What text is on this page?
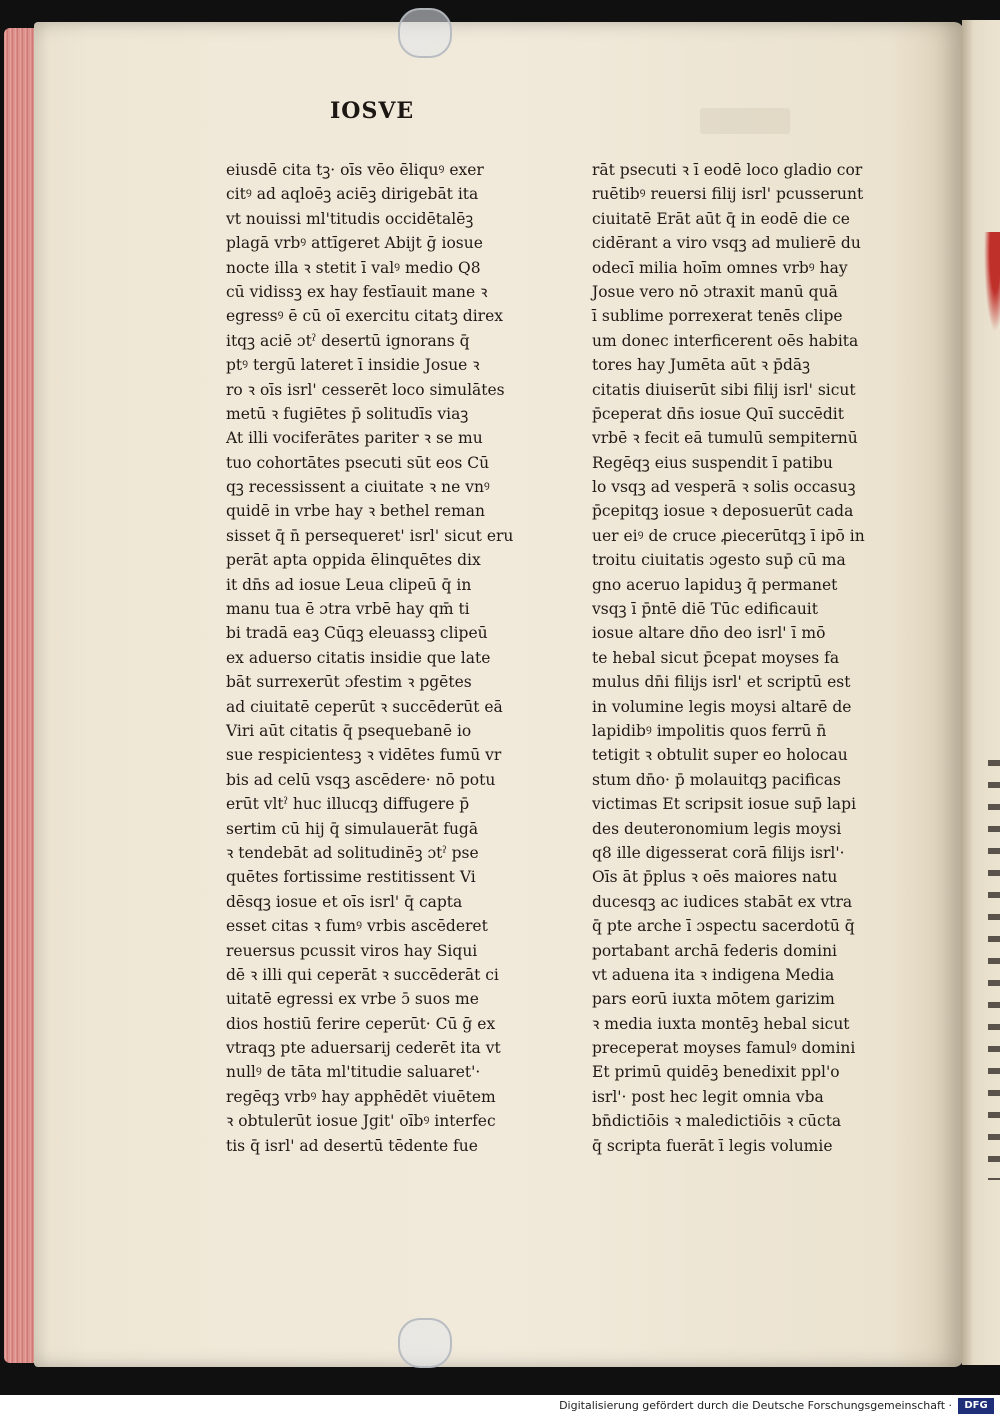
IOSVE
eiusdē cita tꝫ· oīs vēo ēliquꝰ exer
citꝰ ad aqloēꝫ aciēꝫ dirigebāt ita
vt nouissi ml'titudis occidētalēꝫ
plagā vrbꝰ attīgeret Abijt ḡ iosue
nocte illa ꝛ stetit ī valꝰ medio Q8
cū vidissꝫ ex hay festīauit mane ꝛ
egressꝰ ē cū oī exercitu citatꝫ direx
itqꝫ aciē ɔtˀ desertū ignorans q̄
ptꝰ tergū lateret ī insidie Josue ꝛ
ro ꝛ oīs isrl' cesserēt loco simulātes
metū ꝛ fugiētes p̄ solitudīs viaꝫ
At illi vociferātes pariter ꝛ se mu
tuo cohortātes psecuti sūt eos Cū
qꝫ recessissent a ciuitate ꝛ ne vnꝰ
quidē in vrbe hay ꝛ bethel reman
sisset q̄ n̄ persequeret' isrl' sicut eru
perāt apta oppida ēlinquētes dix
it dn̄s ad iosue Leua clipeū q̄ in
manu tua ē ɔtra vrbē hay qm̄ ti
bi tradā eaꝫ Cūqꝫ eleuassꝫ clipeū
ex aduerso citatis insidie que late
bāt surrexerūt ɔfestim ꝛ pgētes
ad ciuitatē ceperūt ꝛ succēderūt eā
Viri aūt citatis q̄ psequebanē io
sue respicientesꝫ ꝛ vidētes fumū vr
bis ad celū vsqꝫ ascēdere· nō potu
erūt vltˀ huc illucqꝫ diffugere p̄
sertim cū hij q̄ simulauerāt fugā
ꝛ tendebāt ad solitudinēꝫ ɔtˀ pse
quētes fortissime restitissent Vi
dēsqꝫ iosue et oīs isrl' q̄ capta
esset citas ꝛ fumꝰ vrbis ascēderet
reuersus pcussit viros hay Siqui
dē ꝛ illi qui ceperāt ꝛ succēderāt ci
uitatē egressi ex vrbe ɔ̄ suos me
dios hostiū ferire ceperūt· Cū ḡ ex
vtraqꝫ pte aduersarij cederēt ita vt
nullꝰ de tāta ml'titudie saluaret'·
regēqꝫ vrbꝰ hay apphēdēt viuētem
ꝛ obtulerūt iosue Jgit' oībꝰ interfec
tis q̄ isrl' ad desertū tēdente fue
rāt psecuti ꝛ ī eodē loco gladio cor
ruētibꝰ reuersi filij isrl' pcusserunt
ciuitatē Erāt aūt q̄ in eodē die ce
cidērant a viro vsqꝫ ad mulierē du
odecī milia hoīm omnes vrbꝰ hay
Josue vero nō ɔtraxit manū quā
ī sublime porrexerat tenēs clipe
um donec interficerent oēs habita
tores hay Jumēta aūt ꝛ p̄dāꝫ
citatis diuiserūt sibi filij isrl' sicut
p̄ceperat dn̄s iosue Quī succēdit
vrbē ꝛ fecit eā tumulū sempiternū
Regēqꝫ eius suspendit ī patibu
lo vsqꝫ ad vesperā ꝛ solis occasuꝫ
p̄cepitqꝫ iosue ꝛ deposuerūt cada
uer eiꝰ de cruce ꝓiecerūtqꝫ ī ipō in
troitu ciuitatis ɔgesto sup̄ cū ma
gno aceruo lapiduꝫ q̄ permanet
vsqꝫ ī p̄ntē diē Tūc edificauit
iosue altare dn̄o deo isrl' ī mō
te hebal sicut p̄cepat moyses fa
mulus dn̄i filijs isrl' et scriptū est
in volumine legis moysi altarē de
lapidibꝰ impolitis quos ferrū n̄
tetigit ꝛ obtulit super eo holocau
stum dn̄o· p̄ molauitqꝫ pacificas
victimas Et scripsit iosue sup̄ lapi
des deuteronomium legis moysi
q8 ille digesserat corā filijs isrl'·
Oīs āt p̄plus ꝛ oēs maiores natu
ducesqꝫ ac iudices stabāt ex vtra
q̄ pte arche ī ɔspectu sacerdotū q̄
portabant archā federis domini
vt aduena ita ꝛ indigena Media
pars eorū iuxta mōtem garizim
ꝛ media iuxta montēꝫ hebal sicut
preceperat moyses famulꝰ domini
Et primū quidēꝫ benedixit ppl'o
isrl'· post hec legit omnia vba
bn̄dictiōis ꝛ maledictiōis ꝛ cūcta
q̄ scripta fuerāt ī legis volumie
Digitalisierung gefördert durch die Deutsche Forschungsgemeinschaft ·	DFG
